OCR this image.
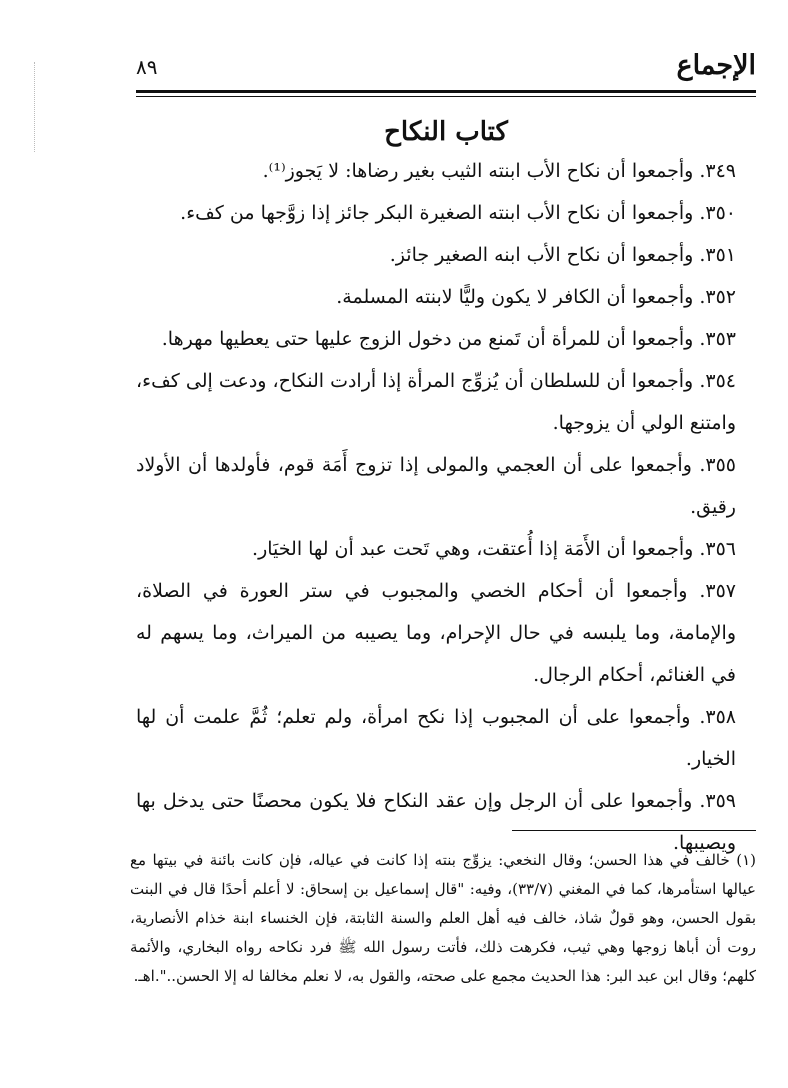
الإجماع
٨٩
كتاب النكاح

٣٤٩. وأجمعوا أن نكاح الأب ابنته الثيب بغير رضاها: لا يَجوز⁽¹⁾.

٣٥٠. وأجمعوا أن نكاح الأب ابنته الصغيرة البكر جائز إذا زوَّجها من كفء.

٣٥١. وأجمعوا أن نكاح الأب ابنه الصغير جائز.

٣٥٢. وأجمعوا أن الكافر لا يكون وليًّا لابنته المسلمة.

٣٥٣. وأجمعوا أن للمرأة أن تَمنع من دخول الزوج عليها حتى يعطيها مهرها.

٣٥٤. وأجمعوا أن للسلطان أن يُزوِّج المرأة إذا أرادت النكاح، ودعت إلى كفء، وامتنع الولي أن يزوجها.

٣٥٥. وأجمعوا على أن العجمي والمولى إذا تزوج أَمَة قوم، فأولدها أن الأولاد رقيق.

٣٥٦. وأجمعوا أن الأَمَة إذا أُعتقت، وهي تَحت عبد أن لها الخيَار.

٣٥٧. وأجمعوا أن أحكام الخصي والمجبوب في ستر العورة في الصلاة، والإمامة، وما يلبسه في حال الإحرام، وما يصيبه من الميراث، وما يسهم له في الغنائم، أحكام الرجال.

٣٥٨. وأجمعوا على أن المجبوب إذا نكح امرأة، ولم تعلم؛ ثُمَّ علمت أن لها الخيار.

٣٥٩. وأجمعوا على أن الرجل وإن عقد النكاح فلا يكون محصنًا حتى يدخل بها ويصيبها.

(١) خالف في هذا الحسن؛ وقال النخعي: يزوِّج بنته إذا كانت في عياله، فإن كانت بائنة في بيتها مع عيالها استأمرها، كما في المغني (٣٣/٧)، وفيه: "قال إسماعيل بن إسحاق: لا أعلم أحدًا قال في البنت بقول الحسن، وهو قولٌ شاذ، خالف فيه أهل العلم والسنة الثابتة، فإن الخنساء ابنة خذام الأنصارية، روت أن أباها زوجها وهي ثيب، فكرهت ذلك، فأتت رسول الله ﷺ فرد نكاحه رواه البخاري، والأئمة كلهم؛ وقال ابن عبد البر: هذا الحديث مجمع على صحته، والقول به، لا نعلم مخالفا له إلا الحسن..".اهـ.
